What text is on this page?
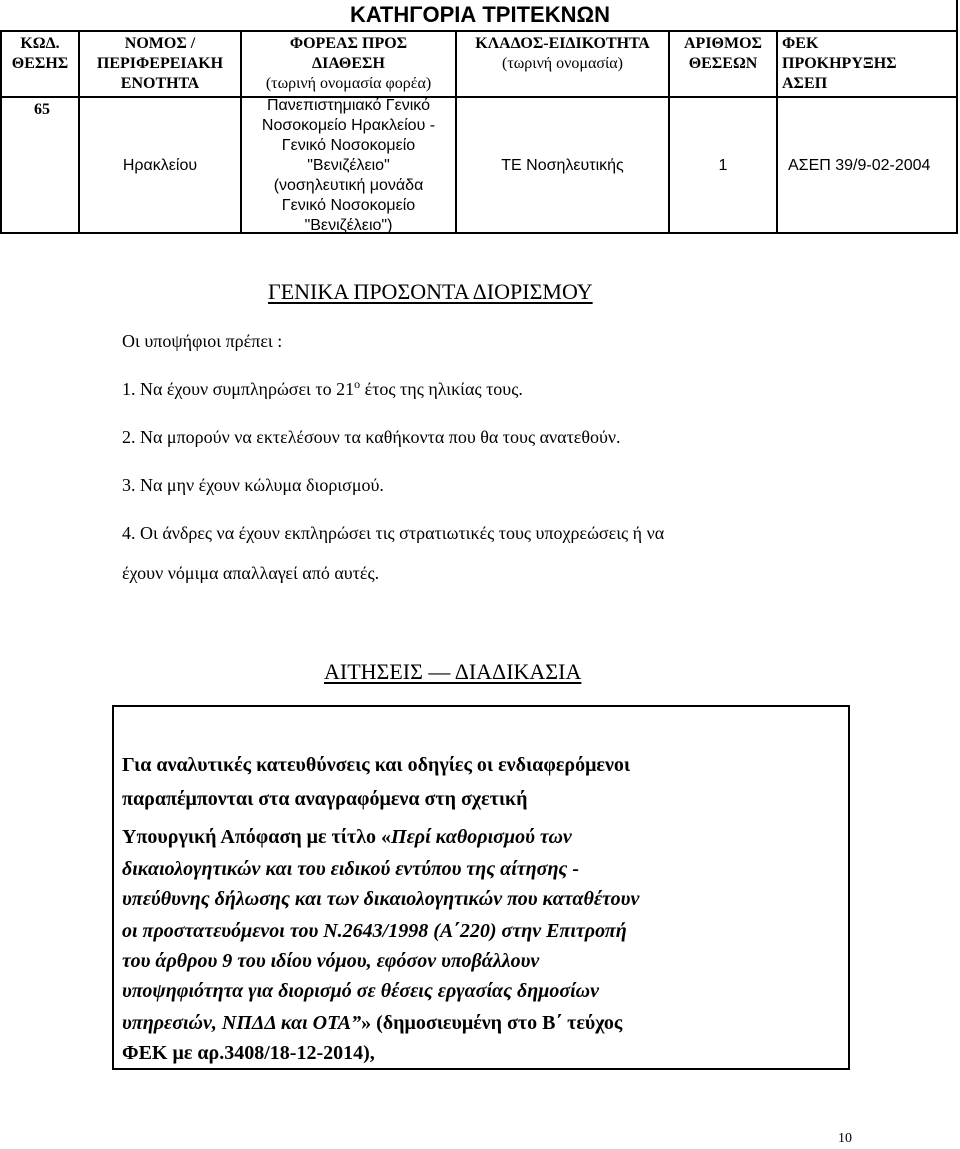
ΚΑΤΗΓΟΡΙΑ ΤΡΙΤΕΚΝΩΝ
ΚΩΔ.
ΘΕΣΗΣ
ΝΟΜΟΣ /
ΠΕΡΙΦΕΡΕΙΑΚΗ
ΕΝΟΤΗΤΑ
ΦΟΡΕΑΣ ΠΡΟΣ
ΔΙΑΘΕΣΗ
(τωρινή ονομασία φορέα)
ΚΛΑΔΟΣ-ΕΙΔΙΚΟΤΗΤΑ
(τωρινή ονομασία)
ΑΡΙΘΜΟΣ
ΘΕΣΕΩΝ
ΦΕΚ
ΠΡΟΚΗΡΥΞΗΣ
ΑΣΕΠ
65
Ηρακλείου
Πανεπιστημιακό Γενικό
Νοσοκομείο Ηρακλείου -
Γενικό Νοσοκομείο
"Βενιζέλειο"
(νοσηλευτική μονάδα
Γενικό Νοσοκομείο
"Βενιζέλειο")
ΤΕ Νοσηλευτικής	1	ΑΣΕΠ 39/9-02-2004
ΓΕΝΙΚΑ ΠΡΟΣΟΝΤΑ ΔΙΟΡΙΣΜΟΥ
Οι υποψήφιοι πρέπει :
1. Να έχουν συμπληρώσει το $21^o$ έτος της ηλικίας τους.
2. Να μπορούν να εκτελέσουν τα καθήκοντα που θα τους ανατεθούν.
3. Να μην έχουν κώλυμα διορισμού.
4. Οι άνδρες να έχουν εκπληρώσει τις στρατιωτικές τους υποχρεώσεις ή να
έχουν νόμιμα απαλλαγεί από αυτές.
ΑΙΤΗΣΕΙΣ — ΔΙΑΔΙΚΑΣΙΑ
Για αναλυτικές κατευθύνσεις και οδηγίες οι ενδιαφερόμενοι
παραπέμπονται στα αναγραφόμενα στη σχετική
Υπουργική Απόφαση με τίτλο «Περί καθορισμού των
δικαιολογητικών και του ειδικού εντύπου της αίτησης -
υπεύθυνης δήλωσης και των δικαιολογητικών που καταθέτουν
οι προστατευόμενοι του Ν.2643/1998 (Α΄220) στην Επιτροπή
του άρθρου 9 του ιδίου νόμου, εφόσον υποβάλλουν
υποψηφιότητα για διορισμό σε θέσεις εργασίας δημοσίων
υπηρεσιών, ΝΠΔΔ και ΟΤΑ”» (δημοσιευμένη στο Β΄ τεύχος
ΦΕΚ με αρ.3408/18-12-2014),
10
